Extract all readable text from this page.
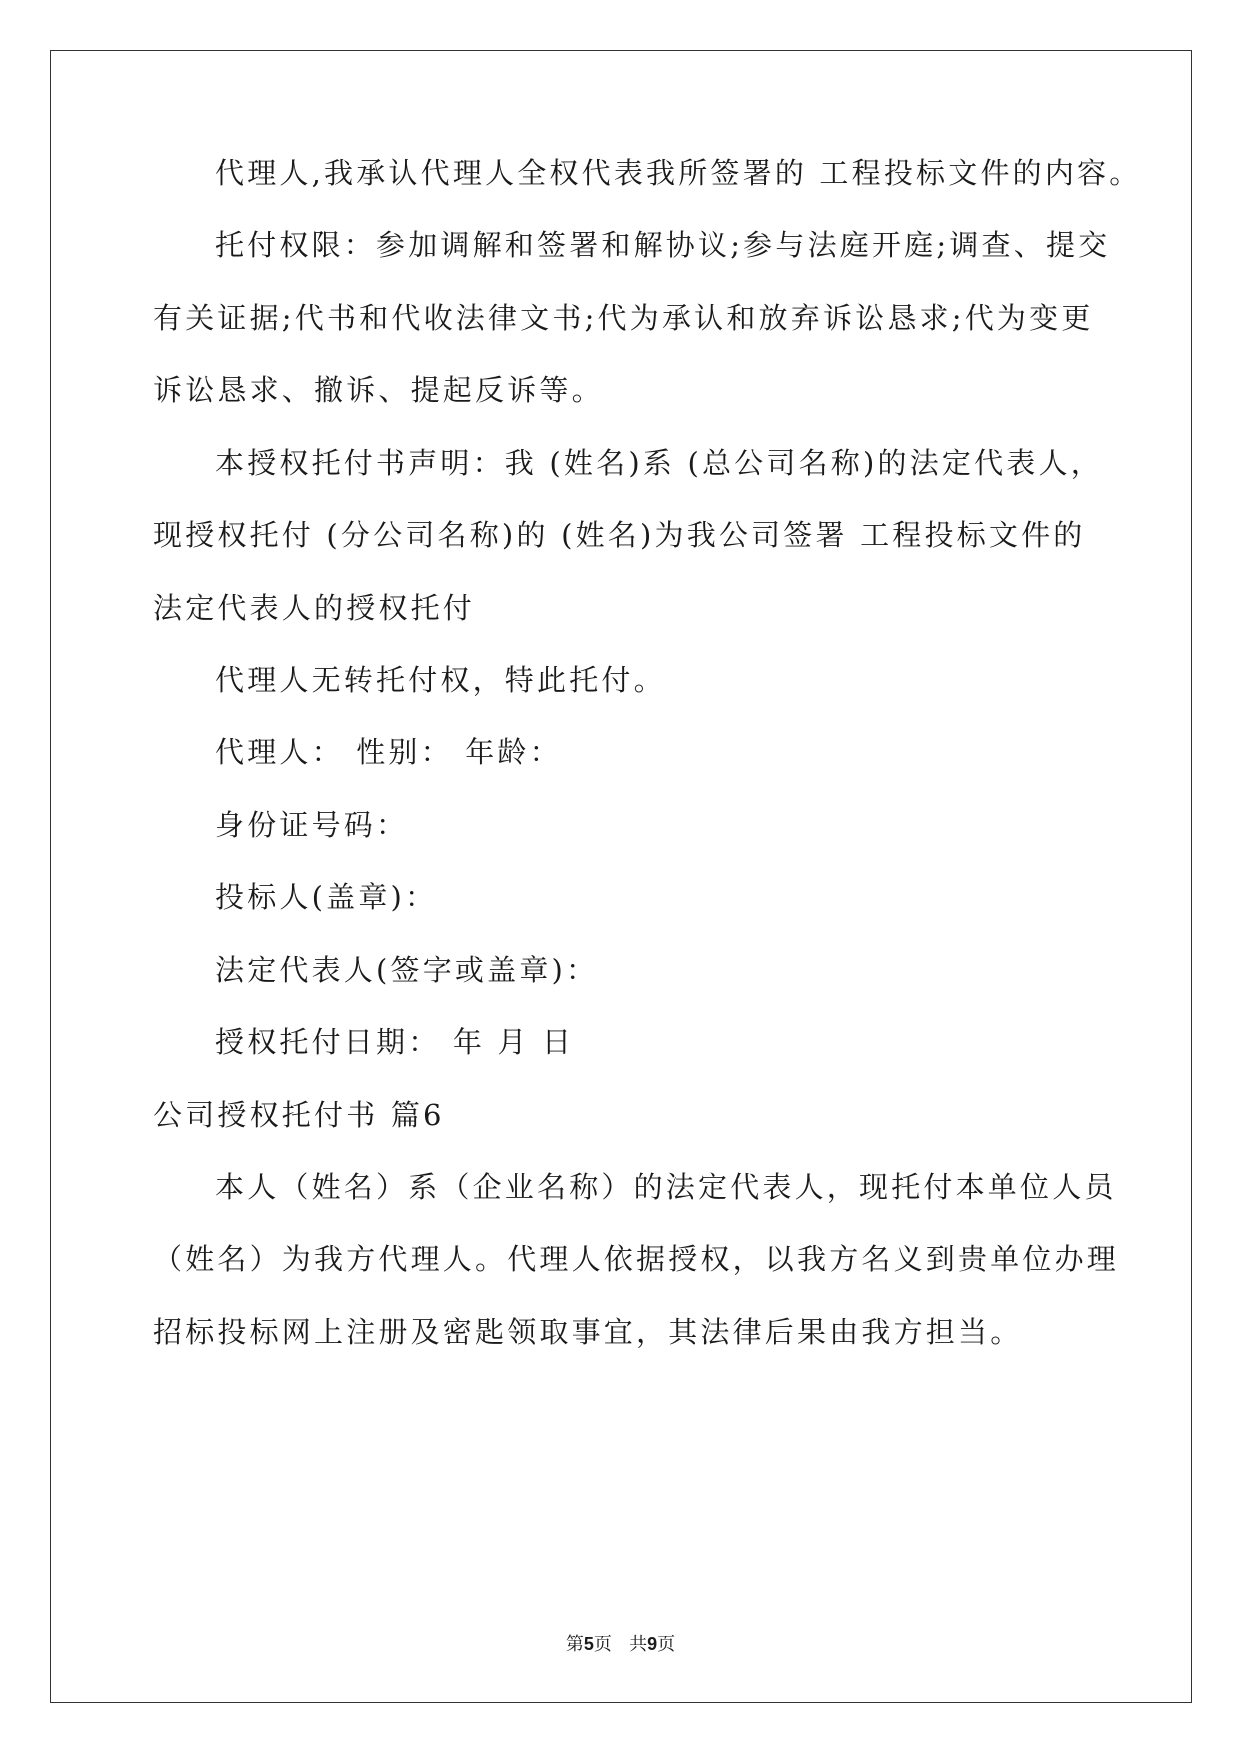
代理人,我承认代理人全权代表我所签署的 工程投标文件的内容。
托付权限：参加调解和签署和解协议;参与法庭开庭;调查、提交
有关证据;代书和代收法律文书;代为承认和放弃诉讼恳求;代为变更
诉讼恳求、撤诉、提起反诉等。
本授权托付书声明：我 (姓名)系 (总公司名称)的法定代表人，
现授权托付 (分公司名称)的 (姓名)为我公司签署 工程投标文件的
法定代表人的授权托付
代理人无转托付权，特此托付。
代理人： 性别： 年龄：
身份证号码：
投标人(盖章)：
法定代表人(签字或盖章)：
授权托付日期： 年 月 日
公司授权托付书 篇6
本人（姓名）系（企业名称）的法定代表人，现托付本单位人员
（姓名）为我方代理人。代理人依据授权，以我方名义到贵单位办理
招标投标网上注册及密匙领取事宜，其法律后果由我方担当。
第5页   共9页
